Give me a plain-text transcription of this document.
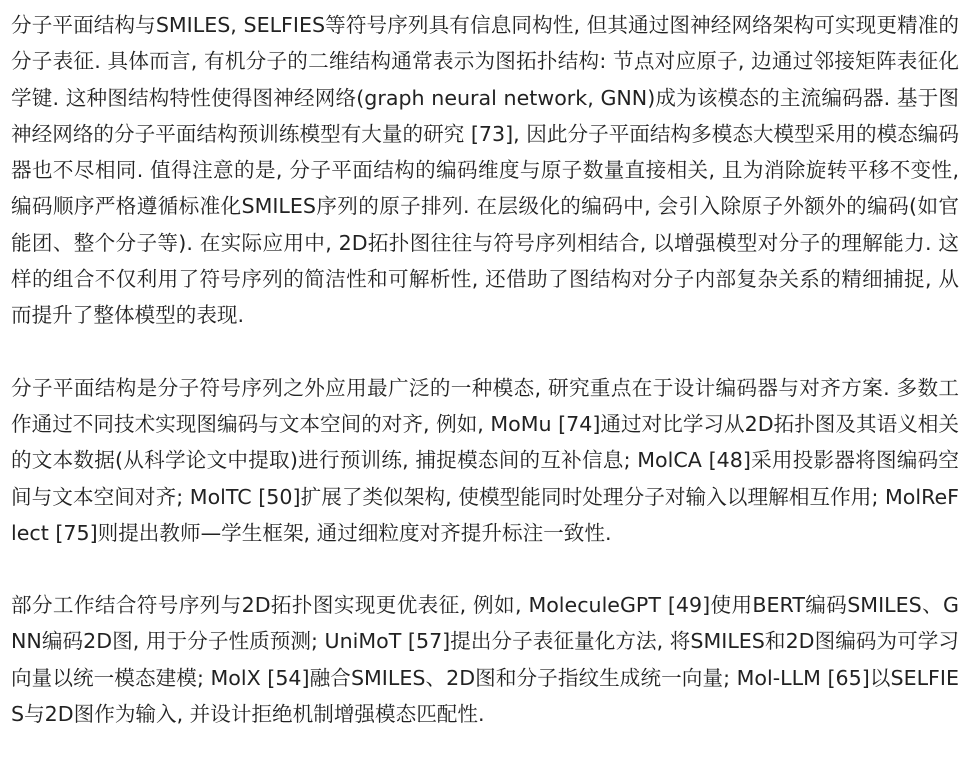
分子平面结构与SMILES, SELFIES等符号序列具有信息同构性, 但其通过图神经网络架构可实现更精准的分子表征. 具体而言, 有机分子的二维结构通常表示为图拓扑结构: 节点对应原子, 边通过邻接矩阵表征化学键. 这种图结构特性使得图神经网络(graph neural network, GNN)成为该模态的主流编码器. 基于图神经网络的分子平面结构预训练模型有大量的研究 [73], 因此分子平面结构多模态大模型采用的模态编码器也不尽相同. 值得注意的是, 分子平面结构的编码维度与原子数量直接相关, 且为消除旋转平移不变性, 编码顺序严格遵循标准化SMILES序列的原子排列. 在层级化的编码中, 会引入除原子外额外的编码(如官能团、整个分子等). 在实际应用中, 2D拓扑图往往与符号序列相结合, 以增强模型对分子的理解能力. 这样的组合不仅利用了符号序列的简洁性和可解析性, 还借助了图结构对分子内部复杂关系的精细捕捉, 从而提升了整体模型的表现.

分子平面结构是分子符号序列之外应用最广泛的一种模态, 研究重点在于设计编码器与对齐方案. 多数工作通过不同技术实现图编码与文本空间的对齐, 例如, MoMu [74]通过对比学习从2D拓扑图及其语义相关的文本数据(从科学论文中提取)进行预训练, 捕捉模态间的互补信息; MolCA [48]采用投影器将图编码空间与文本空间对齐; MolTC [50]扩展了类似架构, 使模型能同时处理分子对输入以理解相互作用; MolReFlect [75]则提出教师—学生框架, 通过细粒度对齐提升标注一致性.

部分工作结合符号序列与2D拓扑图实现更优表征, 例如, MoleculeGPT [49]使用BERT编码SMILES、GNN编码2D图, 用于分子性质预测; UniMoT [57]提出分子表征量化方法, 将SMILES和2D图编码为可学习向量以统一模态建模; MolX [54]融合SMILES、2D图和分子指纹生成统一向量; Mol-LLM [65]以SELFIES与2D图作为输入, 并设计拒绝机制增强模态匹配性.
